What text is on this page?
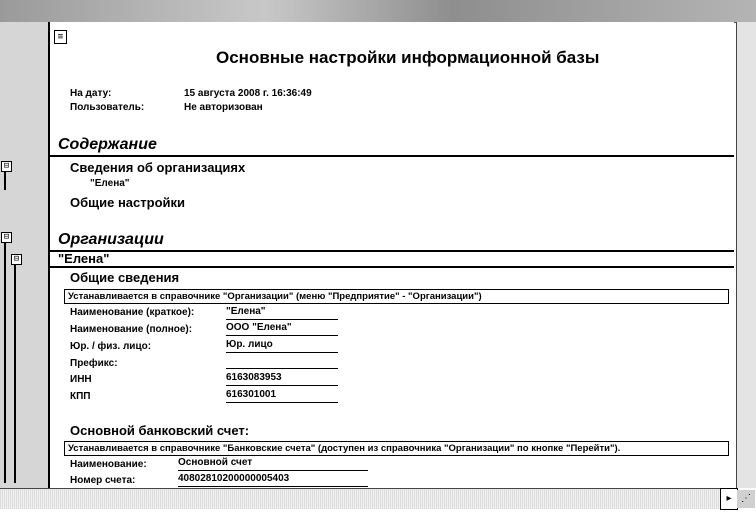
⊟
⊟
⊟
≡
Основные настройки информационной базы
На дату:	15 августа 2008 г. 16:36:49
Пользователь:	Не авторизован
Содержание
Сведения об организациях
"Елена"
Общие настройки
Организации
"Елена"
Общие сведения
Устанавливается в справочнике "Организации" (меню "Предприятие" - "Организации")
Наименование (краткое):	"Елена"
Наименование (полное):	ООО "Елена"
Юр. / физ. лицо:	Юр. лицо
Префикс:
ИНН	6163083953
КПП	616301001
Основной банковский счет:
Устанавливается в справочнике "Банковские счета" (доступен из справочника "Организации" по кнопке "Перейти").
Наименование:	Основной счет
Номер счета:	40802810200000005403
▸ ⋰
